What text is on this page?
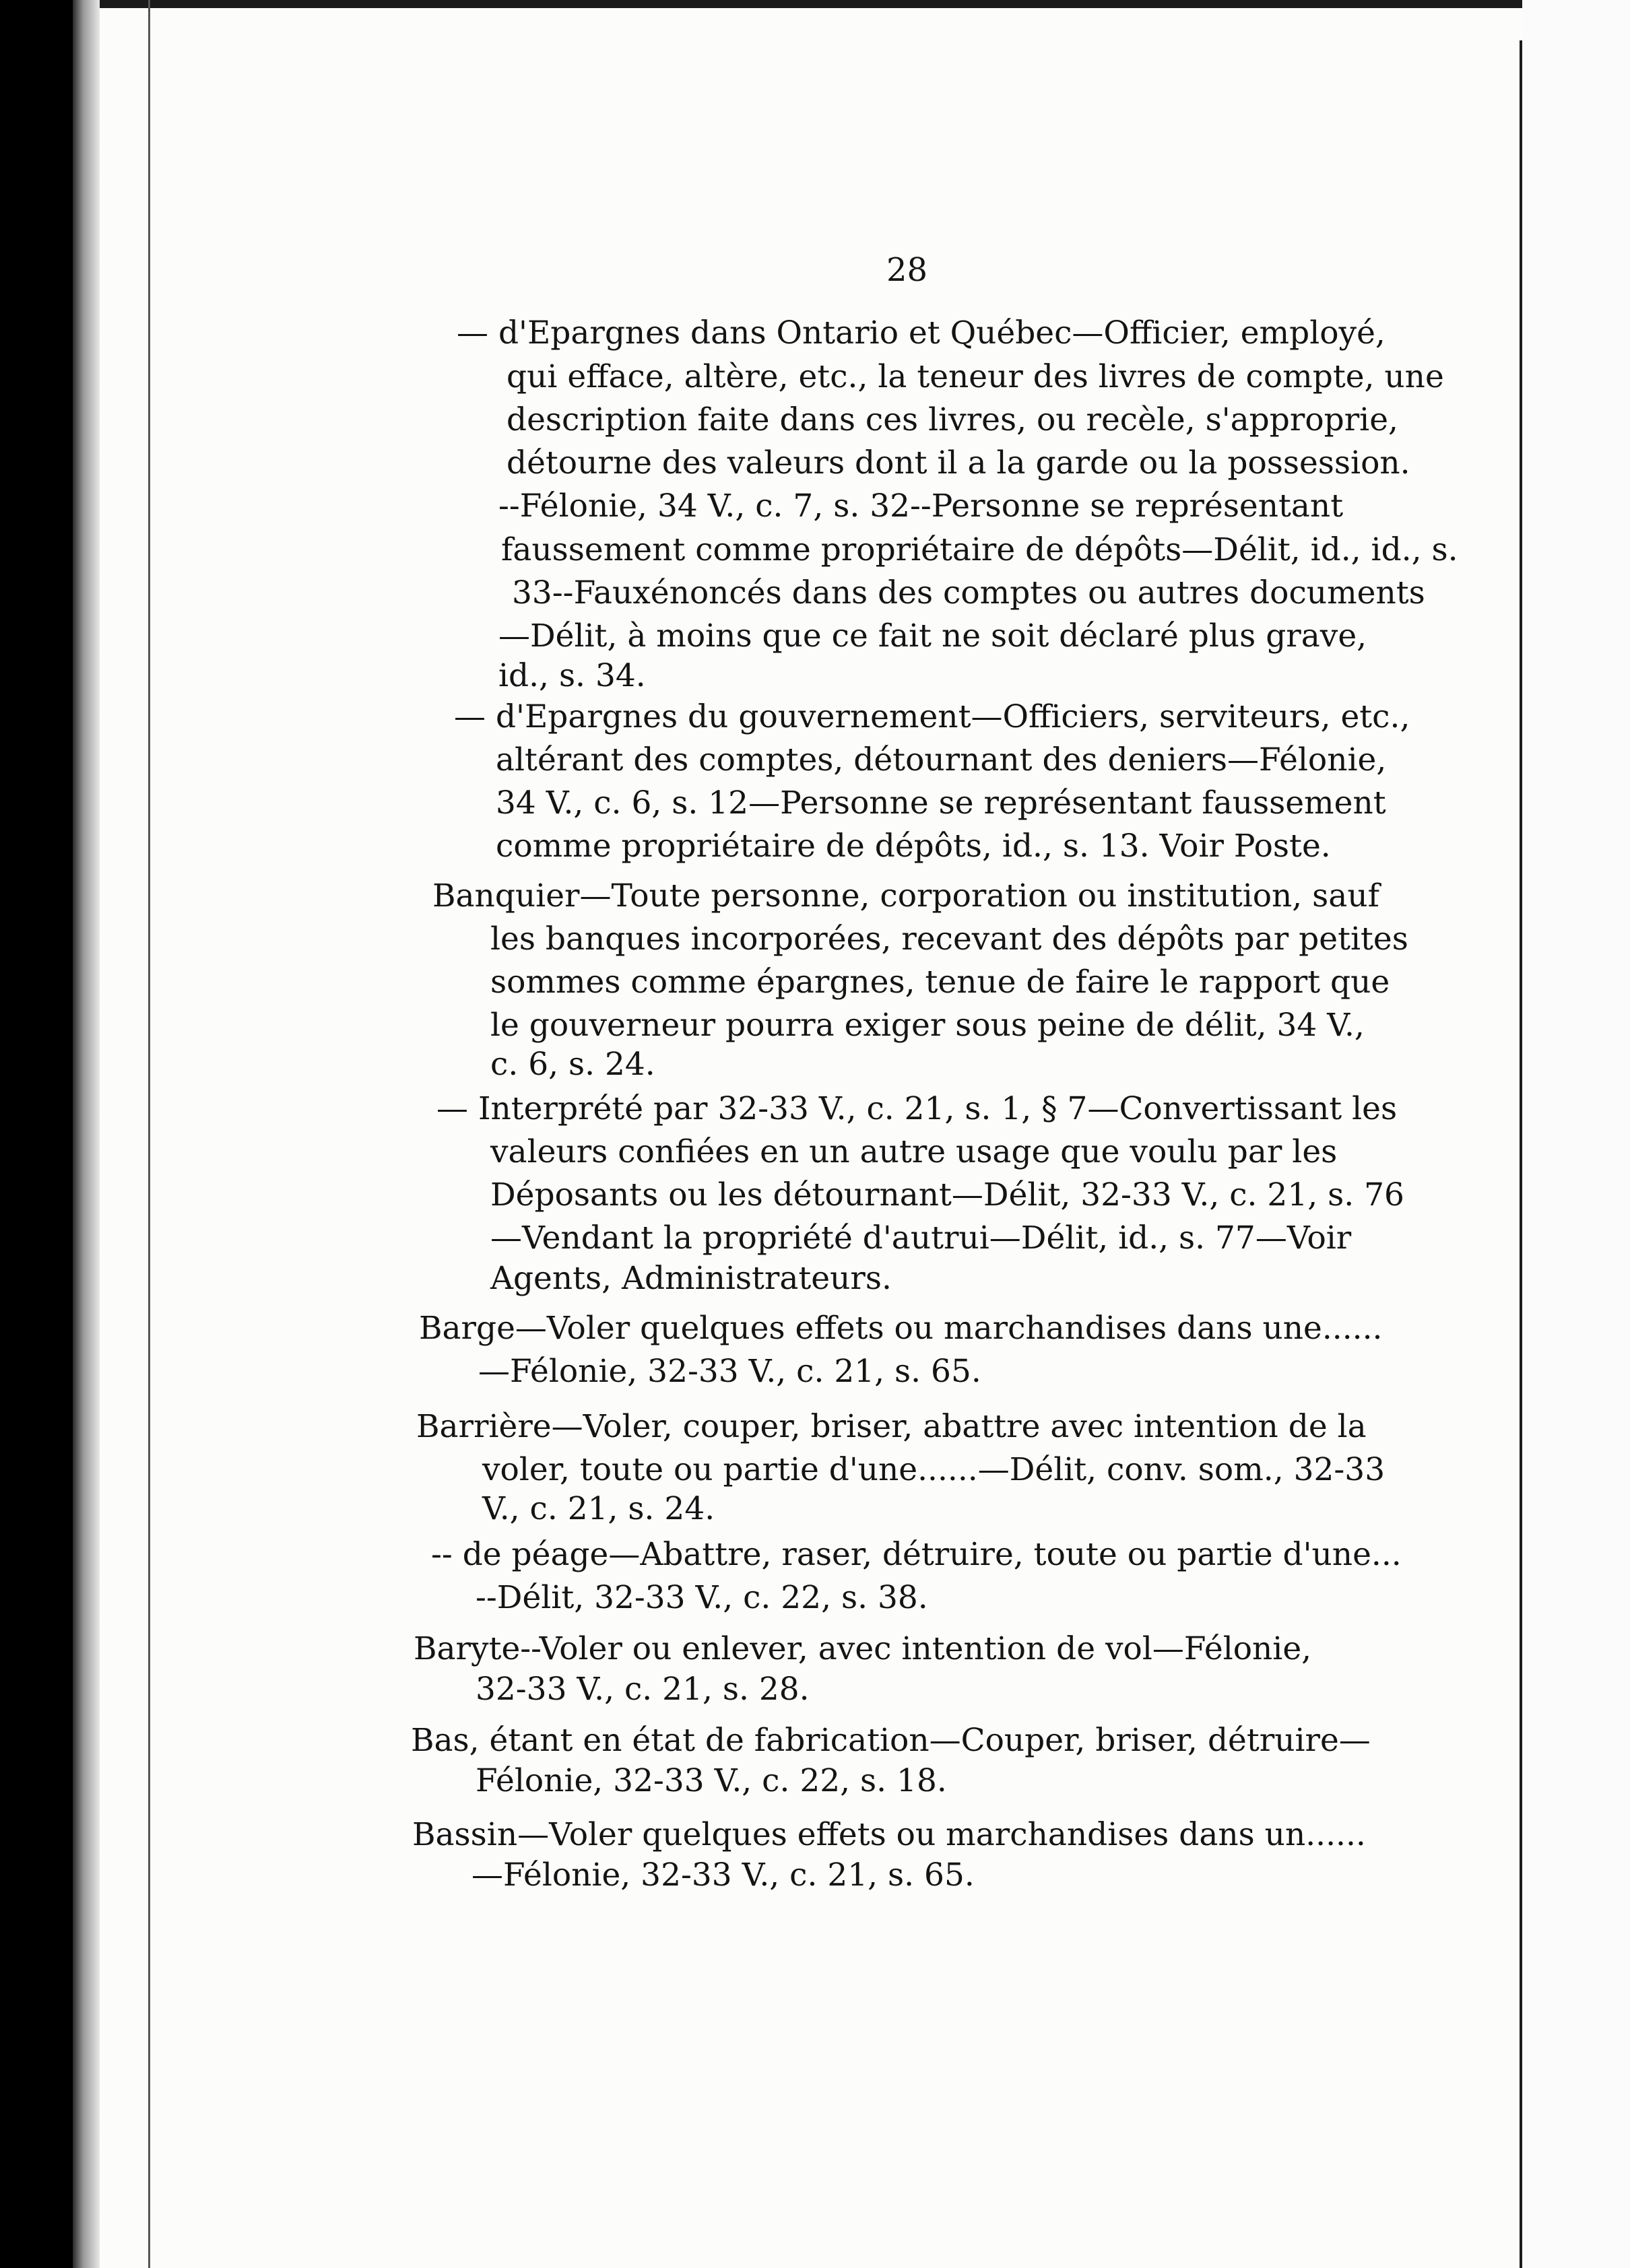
28
— d'Epargneѕ dans Ontario et Québec—Officier, employé,
qui efface, altère, etc., la teneur des livres de compte, une
description faite dans ces livres, ou recèle, s'approprie,
détourne des valeurs dont il a la garde ou la possession.
--Félonie, 34 V., c. 7, s. 32--Personne se représentant
faussement comme propriétaire de dépôts—Délit, id., id., s.
33--Fauxénoncés dans des comptes ou autres documents
—Délit, à moins que ce fait ne soit déclaré plus grave,
id., s. 34.
— d'Epargnes du gouvernement—Officiers, serviteurs, etc.,
altérant des comptes, détournant des deniers—Félonie,
34 V., c. 6, s. 12—Personne se représentant faussement
comme propriétaire de dépôts, id., s. 13. Voir Poste.
Banquier—Toute personne, corporation ou institution, sauf
les banques incorporées, recevant des dépôts par petites
sommes comme épargnes, tenue de faire le rapport que
le gouverneur pourra exiger sous peine de délit, 34 V.,
c. 6, s. 24.
— Interprété par 32-33 V., c. 21, s. 1, § 7—Convertissant les
valeurs confiées en un autre usage que voulu par les
Déposants ou les détournant—Délit, 32-33 V., c. 21, s. 76
—Vendant la propriété d'autrui—Délit, id., s. 77—Voir
Agents, Administrateurs.
Barge—Voler quelques effets ou marchandises dans une......
—Félonie, 32-33 V., c. 21, s. 65.
Barrière—Voler, couper, briser, abattre avec intention de la
voler, toute ou partie d'une......—Délit, conv. som., 32-33
V., c. 21, s. 24.
-- de péage—Abattre, raser, détruire, toute ou partie d'une...
--Délit, 32-33 V., c. 22, s. 38.
Baryte--Voler ou enlever, avec intention de vol—Félonie,
32-33 V., c. 21, s. 28.
Bas, étant en état de fabrication—Couper, briser, détruire—
Félonie, 32-33 V., c. 22, s. 18.
Bassin—Voler quelques effets ou marchandises dans un......
—Félonie, 32-33 V., c. 21, s. 65.
